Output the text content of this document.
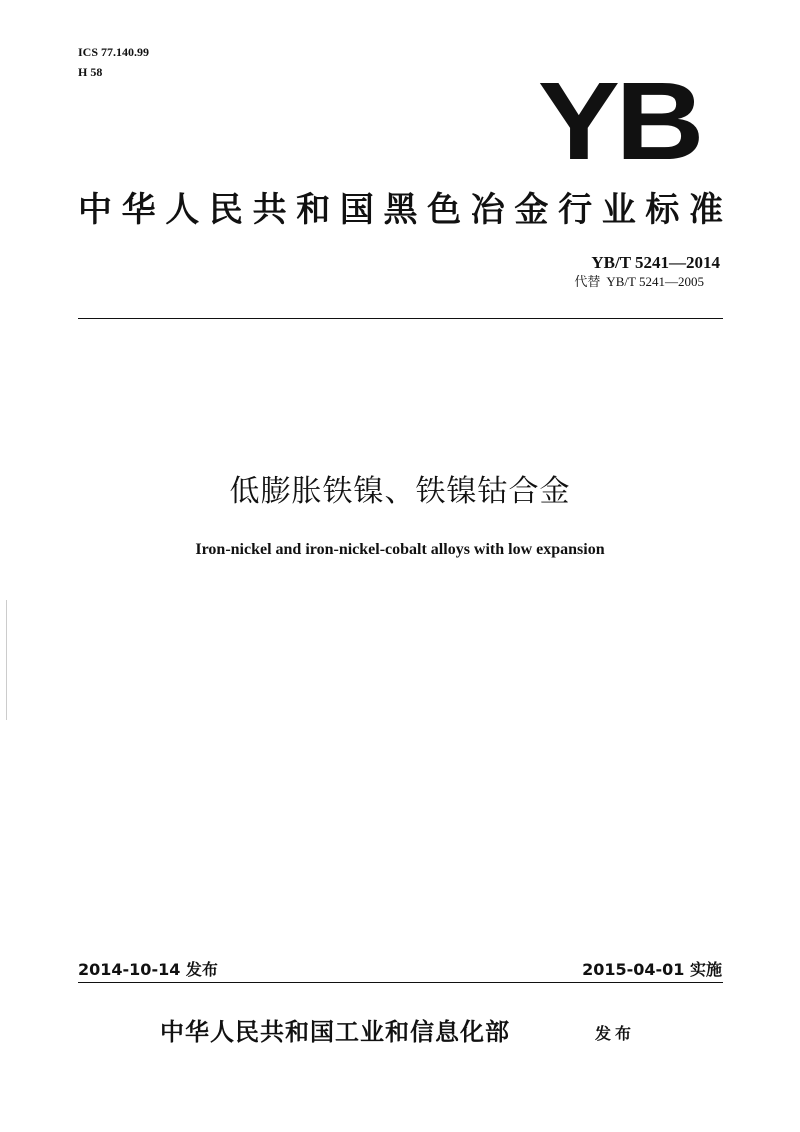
ICS 77.140.99
H 58	YB
中华人民共和国黑色冶金行业标准
YB/T 5241—2014
代替 YB/T 5241—2005
低膨胀铁镍、铁镍钴合金
Iron-nickel and iron-nickel-cobalt alloys with low expansion
2014-10-14 发布	2015-04-01 实施
中华人民共和国工业和信息化部	发布
